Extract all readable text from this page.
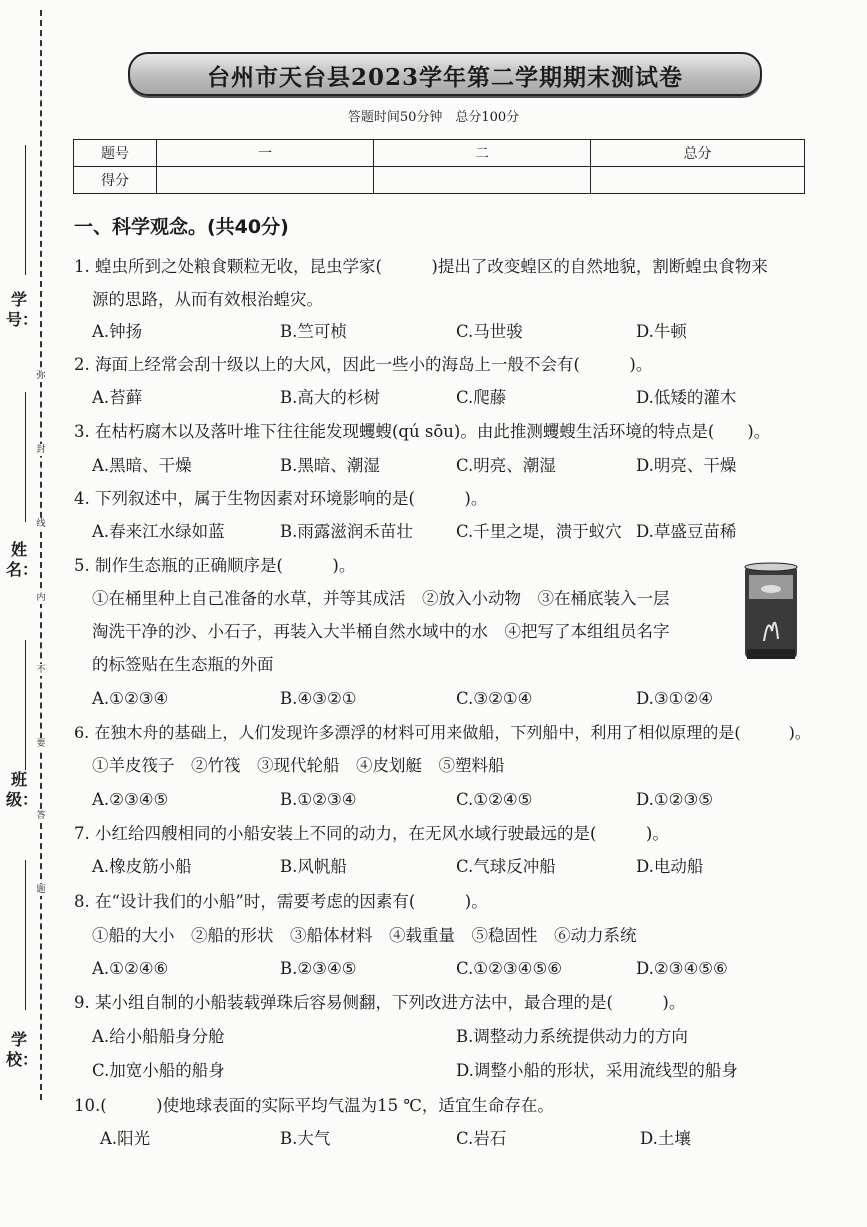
弥
封
线
内
不
要
答
题
学号：
姓名：
班级：
学校：
台州市天台县2023学年第二学期期末测试卷
答题时间50分钟　总分100分
题号	一	二	总分
得分			
一、科学观念。(共40分)
1. 蝗虫所到之处粮食颗粒无收，昆虫学家(　　　)提出了改变蝗区的自然地貌，割断蝗虫食物来
源的思路，从而有效根治蝗灾。
A.钟扬	B.竺可桢	C.马世骏	D.牛顿
2. 海面上经常会刮十级以上的大风，因此一些小的海岛上一般不会有(　　　)。
A.苔藓	B.高大的杉树	C.爬藤	D.低矮的灌木
3. 在枯朽腐木以及落叶堆下往往能发现蠼螋(qú sōu)。由此推测蠼螋生活环境的特点是(　　)。
A.黑暗、干燥	B.黑暗、潮湿	C.明亮、潮湿	D.明亮、干燥
4. 下列叙述中，属于生物因素对环境影响的是(　　　)。
A.春来江水绿如蓝	B.雨露滋润禾苗壮	C.千里之堤，溃于蚁穴 D.草盛豆苗稀
5. 制作生态瓶的正确顺序是(　　　)。
①在桶里种上自己准备的水草，并等其成活　②放入小动物　③在桶底装入一层
淘洗干净的沙、小石子，再装入大半桶自然水域中的水　④把写了本组组员名字
的标签贴在生态瓶的外面
A.①②③④	B.④③②①	C.③②①④	D.③①②④
6. 在独木舟的基础上，人们发现许多漂浮的材料可用来做船，下列船中，利用了相似原理的是(　　　)。
①羊皮筏子　②竹筏　③现代轮船　④皮划艇　⑤塑料船
A.②③④⑤	B.①②③④	C.①②④⑤	D.①②③⑤
7. 小红给四艘相同的小船安装上不同的动力，在无风水域行驶最远的是(　　　)。
A.橡皮筋小船	B.风帆船	C.气球反冲船	D.电动船
8. 在“设计我们的小船”时，需要考虑的因素有(　　　)。
①船的大小　②船的形状　③船体材料　④载重量　⑤稳固性　⑥动力系统
A.①②④⑥	B.②③④⑤	C.①②③④⑤⑥	D.②③④⑤⑥
9. 某小组自制的小船装载弹珠后容易侧翻，下列改进方法中，最合理的是(　　　)。
A.给小船船身分舱	B.调整动力系统提供动力的方向
C.加宽小船的船身	D.调整小船的形状，采用流线型的船身
10.(　　　)使地球表面的实际平均气温为15 ℃，适宜生命存在。
A.阳光	B.大气	C.岩石	D.土壤
